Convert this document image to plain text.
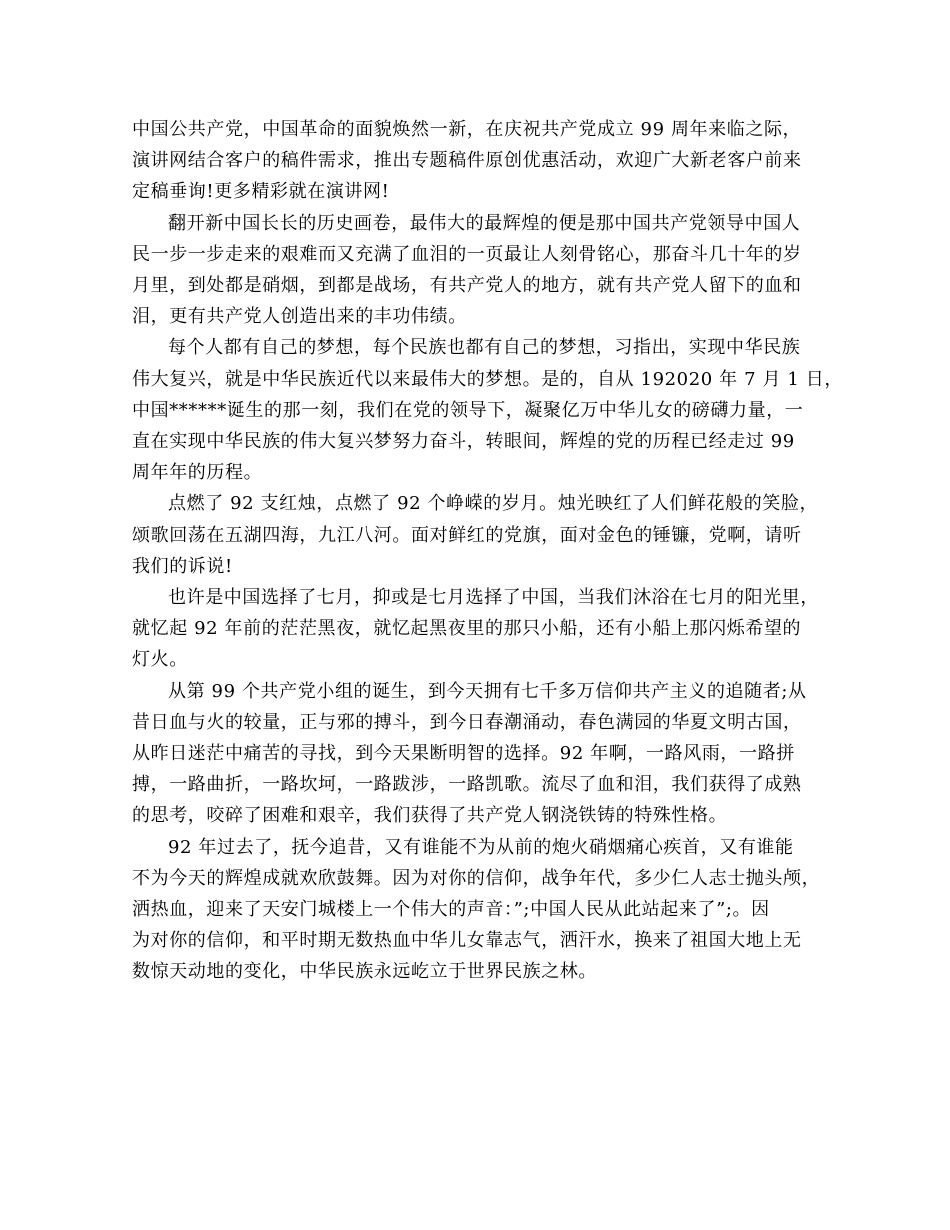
中国公共产党，中国革命的面貌焕然一新，在庆祝共产党成立 99 周年来临之际，
演讲网结合客户的稿件需求，推出专题稿件原创优惠活动，欢迎广大新老客户前来
定稿垂询!更多精彩就在演讲网!

翻开新中国长长的历史画卷，最伟大的最辉煌的便是那中国共产党领导中国人
民一步一步走来的艰难而又充满了血泪的一页最让人刻骨铭心，那奋斗几十年的岁
月里，到处都是硝烟，到都是战场，有共产党人的地方，就有共产党人留下的血和
泪，更有共产党人创造出来的丰功伟绩。

每个人都有自己的梦想，每个民族也都有自己的梦想，习指出，实现中华民族
伟大复兴，就是中华民族近代以来最伟大的梦想。是的，自从 192020 年 7 月 1 日，
中国******诞生的那一刻，我们在党的领导下，凝聚亿万中华儿女的磅礴力量，一
直在实现中华民族的伟大复兴梦努力奋斗，转眼间，辉煌的党的历程已经走过 99
周年年的历程。

点燃了 92 支红烛，点燃了 92 个峥嵘的岁月。烛光映红了人们鲜花般的笑脸，
颂歌回荡在五湖四海，九江八河。面对鲜红的党旗，面对金色的锤镰，党啊，请听
我们的诉说!

也许是中国选择了七月，抑或是七月选择了中国，当我们沐浴在七月的阳光里，
就忆起 92 年前的茫茫黑夜，就忆起黑夜里的那只小船，还有小船上那闪烁希望的
灯火。

从第 99 个共产党小组的诞生，到今天拥有七千多万信仰共产主义的追随者;从
昔日血与火的较量，正与邪的搏斗，到今日春潮涌动，春色满园的华夏文明古国，
从昨日迷茫中痛苦的寻找，到今天果断明智的选择。92 年啊，一路风雨，一路拼
搏，一路曲折，一路坎坷，一路跋涉，一路凯歌。流尽了血和泪，我们获得了成熟
的思考，咬碎了困难和艰辛，我们获得了共产党人钢浇铁铸的特殊性格。

92 年过去了，抚今追昔，又有谁能不为从前的炮火硝烟痛心疾首，又有谁能
不为今天的辉煌成就欢欣鼓舞。因为对你的信仰，战争年代，多少仁人志士抛头颅，
洒热血，迎来了天安门城楼上一个伟大的声音：”;中国人民从此站起来了”;。因
为对你的信仰，和平时期无数热血中华儿女靠志气，洒汗水，换来了祖国大地上无
数惊天动地的变化，中华民族永远屹立于世界民族之林。
